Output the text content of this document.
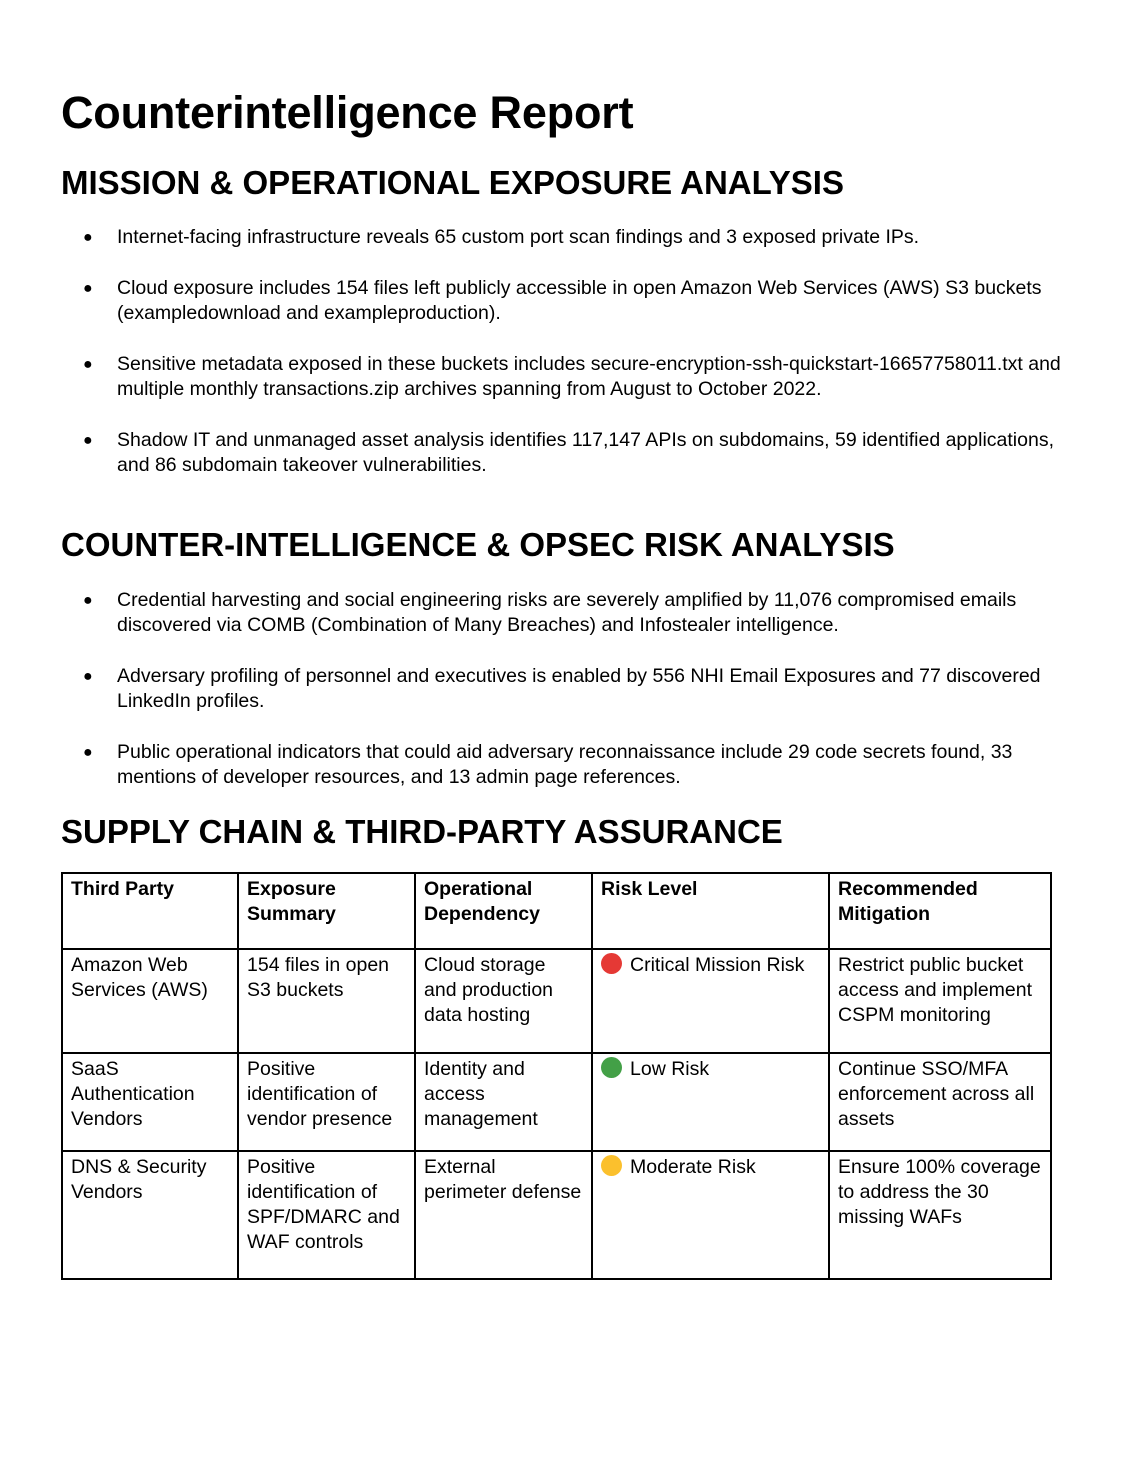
Counterintelligence Report
MISSION & OPERATIONAL EXPOSURE ANALYSIS
● Internet-facing infrastructure reveals 65 custom port scan findings and 3 exposed private IPs.
● Cloud exposure includes 154 files left publicly accessible in open Amazon Web Services (AWS) S3 buckets (exampledownload and exampleproduction).
● Sensitive metadata exposed in these buckets includes secure-encryption-ssh-quickstart-16657758011.txt and multiple monthly transactions.zip archives spanning from August to October 2022.
● Shadow IT and unmanaged asset analysis identifies 117,147 APIs on subdomains, 59 identified applications, and 86 subdomain takeover vulnerabilities.
COUNTER-INTELLIGENCE & OPSEC RISK ANALYSIS
● Credential harvesting and social engineering risks are severely amplified by 11,076 compromised emails discovered via COMB (Combination of Many Breaches) and Infostealer intelligence.
● Adversary profiling of personnel and executives is enabled by 556 NHI Email Exposures and 77 discovered LinkedIn profiles.
● Public operational indicators that could aid adversary reconnaissance include 29 code secrets found, 33 mentions of developer resources, and 13 admin page references.
SUPPLY CHAIN & THIRD-PARTY ASSURANCE
Third Party	Exposure Summary	Operational Dependency	Risk Level	Recommended Mitigation
Amazon Web Services (AWS)	154 files in open S3 buckets	Cloud storage and production data hosting	Critical Mission Risk	Restrict public bucket access and implement CSPM monitoring
SaaS Authentication Vendors	Positive identification of vendor presence	Identity and access management	Low Risk	Continue SSO/MFA enforcement across all assets
DNS & Security Vendors	Positive identification of SPF/DMARC and WAF controls	External perimeter defense	Moderate Risk	Ensure 100% coverage to address the 30 missing WAFs
